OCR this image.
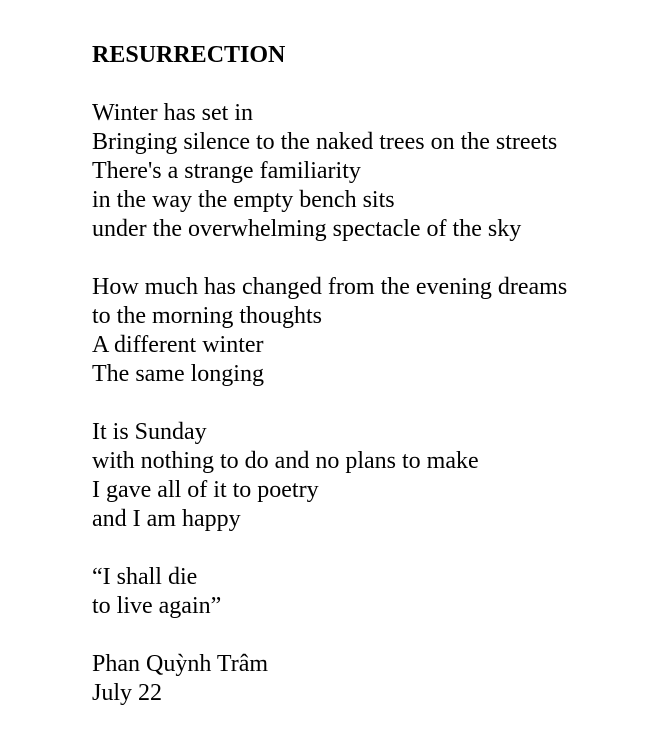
RESURRECTION
Winter has set in
Bringing silence to the naked trees on the streets
There's a strange familiarity
in the way the empty bench sits
under the overwhelming spectacle of the sky
How much has changed from the evening dreams
to the morning thoughts
A different winter
The same longing
It is Sunday
with nothing to do and no plans to make
I gave all of it to poetry
and I am happy
“I shall die
to live again”
Phan Quỳnh Trâm
July 22
